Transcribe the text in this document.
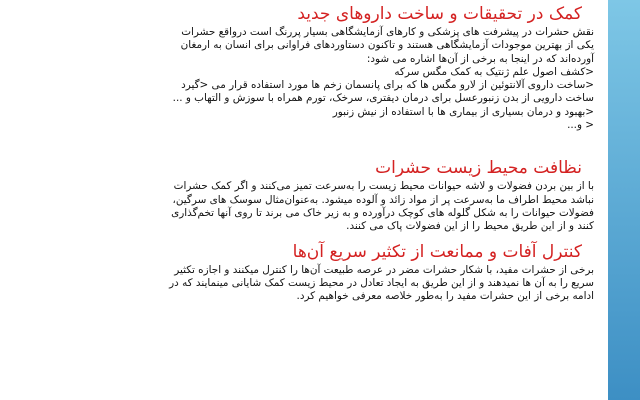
کمک در تحقیقات و ساخت داروهای جدید

نقش حشرات در پیشرفت های پزشکی و کارهای آزمایشگاهی بسیار پررنگ است درواقع حشرات
یکی از بهترین موجودات آزمایشگاهی هستند و تاکنون دستاوردهای فراوانی برای انسان به ارمغان
آورده‌اند که در اینجا به برخی از آن‌ها اشاره می شود:
<کشف اصول علم ژنتیک به کمک مگس سرکه
<ساخت داروی آلانتوئین از لارو مگس ها که برای پانسمان زخم ها مورد استفاده قرار می <گیرد
ساخت دارویی از بدن زنبورعسل برای درمان دیفتری، سرخک، تورم همراه با سوزش و التهاب و ...
<بهبود و درمان بسیاری از بیماری ها با استفاده از نیش زنبور
< و...

نظافت محیط زیست حشرات

با از بین بردن فضولات و لاشه حیوانات محیط زیست را به‌سرعت تمیز می‌کنند و اگر کمک حشرات
نباشد محیط اطراف ما به‌سرعت پر از مواد زائد و آلوده میشود. به‌عنوان‌مثال سوسک های سرگین،
فضولات حیوانات را به شکل گلوله های کوچک درآورده و به زیر خاک می برند تا روی آنها تخم‌گذاری
کنند و از این طریق محیط را از این فضولات پاک می کنند.

کنترل آفات و ممانعت از تکثیر سریع آن‌ها

برخی از حشرات مفید، با شکار حشرات مضر در عرصه طبیعت آن‌ها را کنترل میکنند و اجازه تکثیر
سریع را به آن ها نمیدهند و از این طریق به ایجاد تعادل در محیط زیست کمک شایانی مینمایند که در
ادامه برخی از این حشرات مفید را به‌طور خلاصه معرفی خواهیم کرد.
